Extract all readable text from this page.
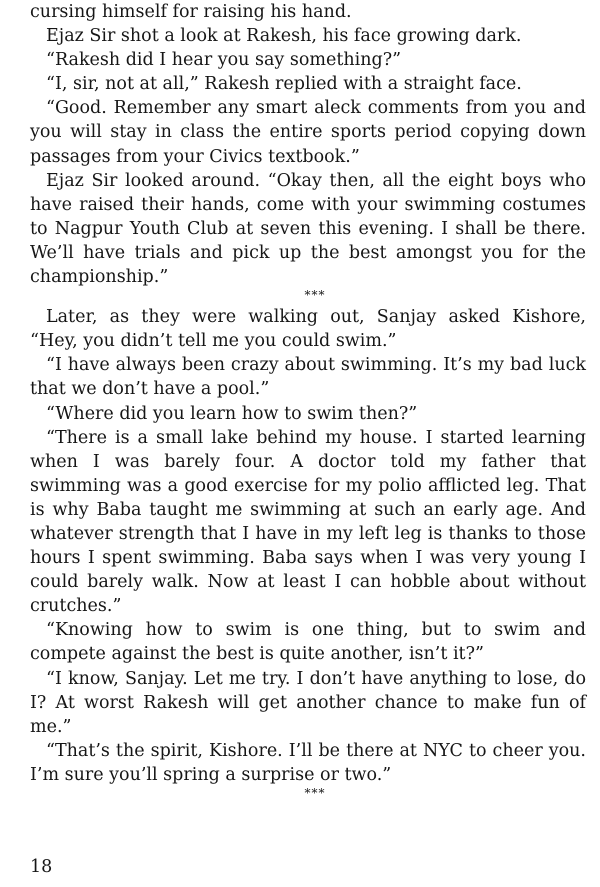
cursing himself for raising his hand.

Ejaz Sir shot a look at Rakesh, his face growing dark.

“Rakesh did I hear you say something?”

“I, sir, not at all,” Rakesh replied with a straight face.

“Good. Remember any smart aleck comments from you and you will stay in class the entire sports period copying down passages from your Civics textbook.”

Ejaz Sir looked around. “Okay then, all the eight boys who have raised their hands, come with your swimming costumes to Nagpur Youth Club at seven this evening. I shall be there. We’ll have trials and pick up the best amongst you for the championship.”

***

Later, as they were walking out, Sanjay asked Kishore, “Hey, you didn’t tell me you could swim.”

“I have always been crazy about swimming. It’s my bad luck that we don’t have a pool.”

“Where did you learn how to swim then?”

“There is a small lake behind my house. I started learning when I was barely four. A doctor told my father that swimming was a good exercise for my polio afflicted leg. That is why Baba taught me swimming at such an early age. And whatever strength that I have in my left leg is thanks to those hours I spent swimming. Baba says when I was very young I could barely walk. Now at least I can hobble about without crutches.”

“Knowing how to swim is one thing, but to swim and compete against the best is quite another, isn’t it?”

“I know, Sanjay. Let me try. I don’t have anything to lose, do I? At worst Rakesh will get another chance to make fun of me.”

“That’s the spirit, Kishore. I’ll be there at NYC to cheer you. I’m sure you’ll spring a surprise or two.”

***

18
